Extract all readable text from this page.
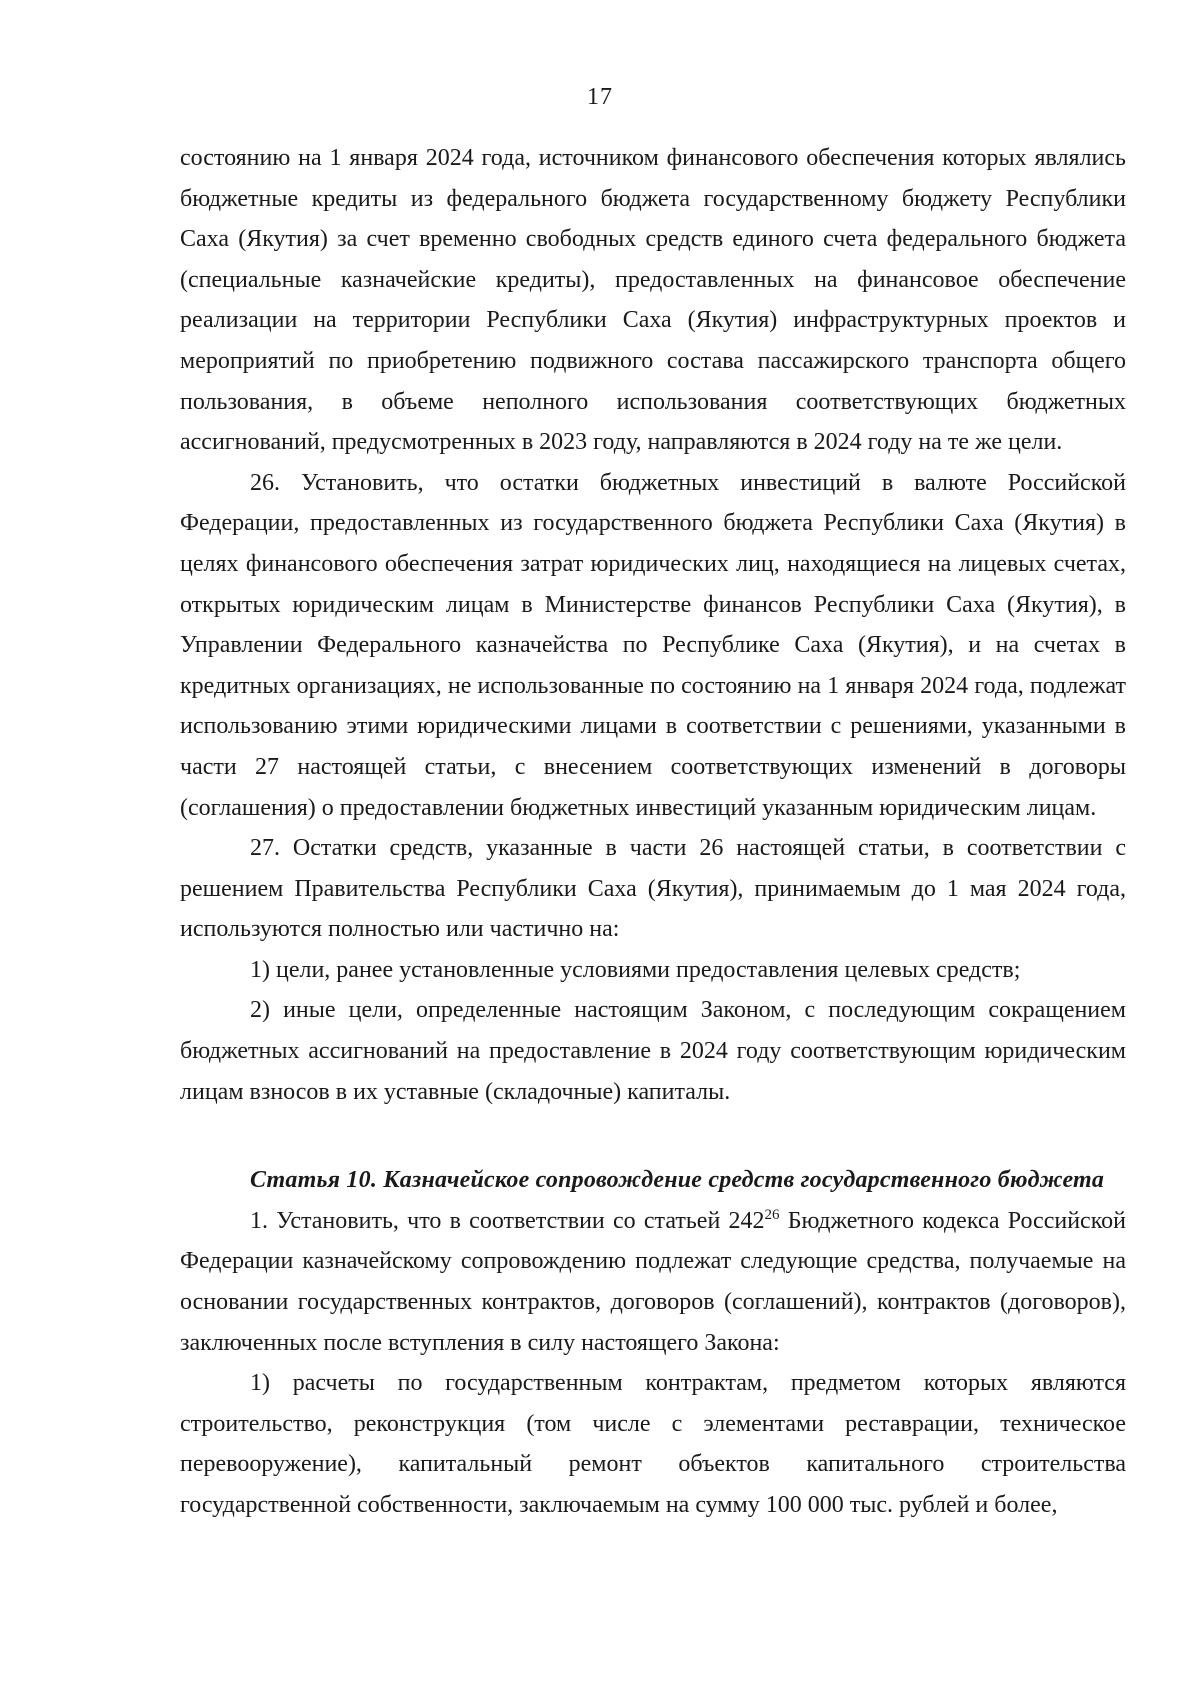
17

состоянию на 1 января 2024 года, источником финансового обеспечения которых являлись бюджетные кредиты из федерального бюджета государственному бюджету Республики Саха (Якутия) за счет временно свободных средств единого счета федерального бюджета (специальные казначейские кредиты), предоставленных на финансовое обеспечение реализации на территории Республики Саха (Якутия) инфраструктурных проектов и мероприятий по приобретению подвижного состава пассажирского транспорта общего пользования, в объеме неполного использования соответствующих бюджетных ассигнований, предусмотренных в 2023 году, направляются в 2024 году на те же цели.

26. Установить, что остатки бюджетных инвестиций в валюте Российской Федерации, предоставленных из государственного бюджета Республики Саха (Якутия) в целях финансового обеспечения затрат юридических лиц, находящиеся на лицевых счетах, открытых юридическим лицам в Министерстве финансов Республики Саха (Якутия), в Управлении Федерального казначейства по Республике Саха (Якутия), и на счетах в кредитных организациях, не использованные по состоянию на 1 января 2024 года, подлежат использованию этими юридическими лицами в соответствии с решениями, указанными в части 27 настоящей статьи, с внесением соответствующих изменений в договоры (соглашения) о предоставлении бюджетных инвестиций указанным юридическим лицам.

27. Остатки средств, указанные в части 26 настоящей статьи, в соответствии с решением Правительства Республики Саха (Якутия), принимаемым до 1 мая 2024 года, используются полностью или частично на:

1) цели, ранее установленные условиями предоставления целевых средств;

2) иные цели, определенные настоящим Законом, с последующим сокращением бюджетных ассигнований на предоставление в 2024 году соответствующим юридическим лицам взносов в их уставные (складочные) капиталы.

Статья 10. Казначейское сопровождение средств государственного бюджета

1. Установить, что в соответствии со статьей $242^{26}$ Бюджетного кодекса Российской Федерации казначейскому сопровождению подлежат следующие средства, получаемые на основании государственных контрактов, договоров (соглашений), контрактов (договоров), заключенных после вступления в силу настоящего Закона:

1) расчеты по государственным контрактам, предметом которых являются строительство, реконструкция (том числе с элементами реставрации, техническое перевооружение), капитальный ремонт объектов капитального строительства государственной собственности, заключаемым на сумму 100 000 тыс. рублей и более,
